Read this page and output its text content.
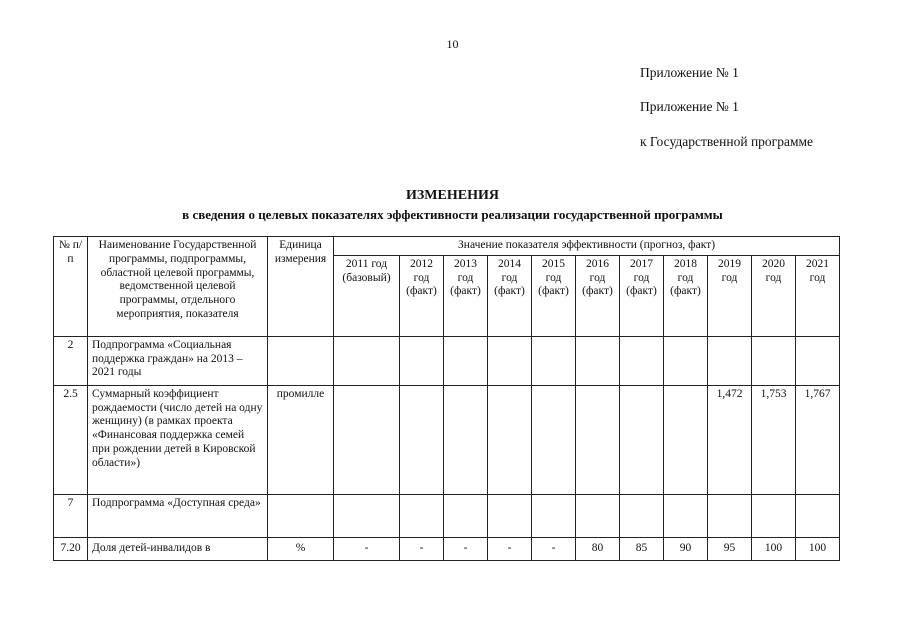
10
Приложение № 1
Приложение № 1
к Государственной программе
ИЗМЕНЕНИЯ
в сведения о целевых показателях эффективности реализации государственной программы
№ п/п	Наименование Государственной программы, подпрограммы, областной целевой программы, ведомственной целевой программы, отдельного мероприятия, показателя	Единица измерения	Значение показателя эффективности (прогноз, факт)										
			2011 год (базовый)	2012 год (факт)	2013 год (факт)	2014 год (факт)	2015 год (факт)	2016 год (факт)	2017 год (факт)	2018 год (факт)	2019 год	2020 год	2021 год
2	Подпрограмма «Социальная поддержка граждан» на 2013 – 2021 годы												
2.5	Суммарный коэффициент рождаемости (число детей на одну женщину) (в рамках проекта «Финансовая поддержка семей при рождении детей в Кировской области»)	промилле									1,472	1,753	1,767
7	Подпрограмма «Доступная среда»												
7.20	Доля детей-инвалидов в	%	-	-	-	-	-	80	85	90	95	100	100
